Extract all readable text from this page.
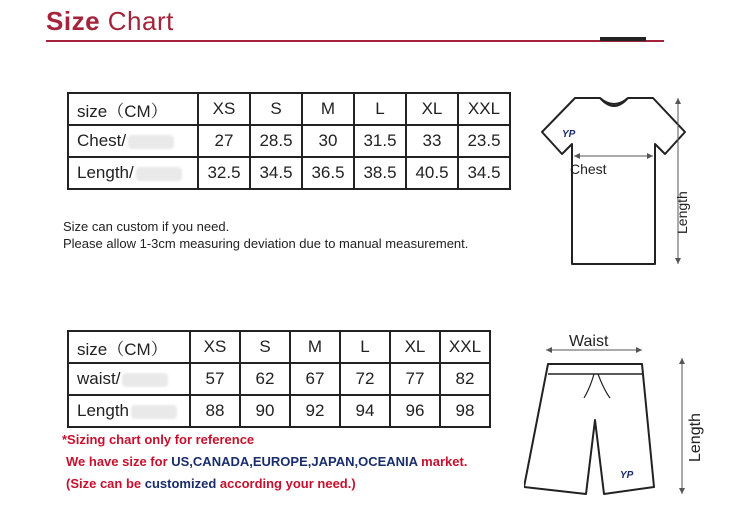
Size Chart
size（CM）	XS	S	M	L	XL	XXL
Chest/	27	28.5	30	31.5	33	23.5
Length/	32.5	34.5	36.5	38.5	40.5	34.5
Size can custom if you need.
Please allow 1-3cm measuring deviation due to manual measurement.
YP
Chest
Length
size（CM）	XS	S	M	L	XL	XXL
waist/	57	62	67	72	77	82
Length	88	90	92	94	96	98
*Sizing chart only for reference
We have size for US,CANADA,EUROPE,JAPAN,OCEANIA market.
(Size can be customized according your need.)
Waist
YP
Length
